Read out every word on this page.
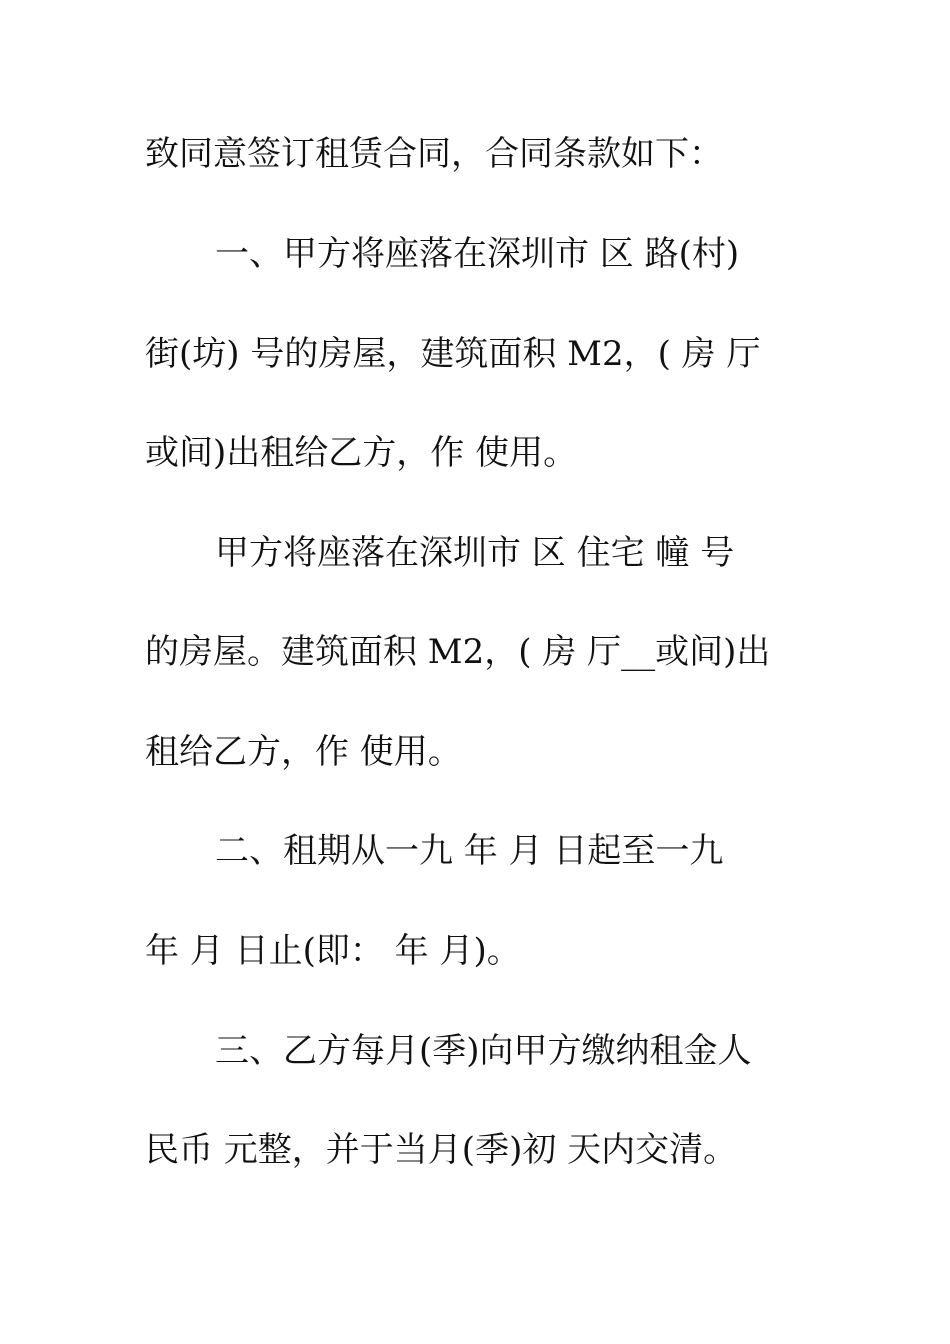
致同意签订租赁合同，合同条款如下：
一、甲方将座落在深圳市 区 路(村)
街(坊) 号的房屋，建筑面积 M2，( 房 厅
或间)出租给乙方，作 使用。
甲方将座落在深圳市 区 住宅 幢 号
的房屋。建筑面积 M2，( 房 厅__或间)出
租给乙方，作 使用。
二、租期从一九 年 月 日起至一九
年 月 日止(即： 年 月)。
三、乙方每月(季)向甲方缴纳租金人
民币 元整，并于当月(季)初 天内交清。
